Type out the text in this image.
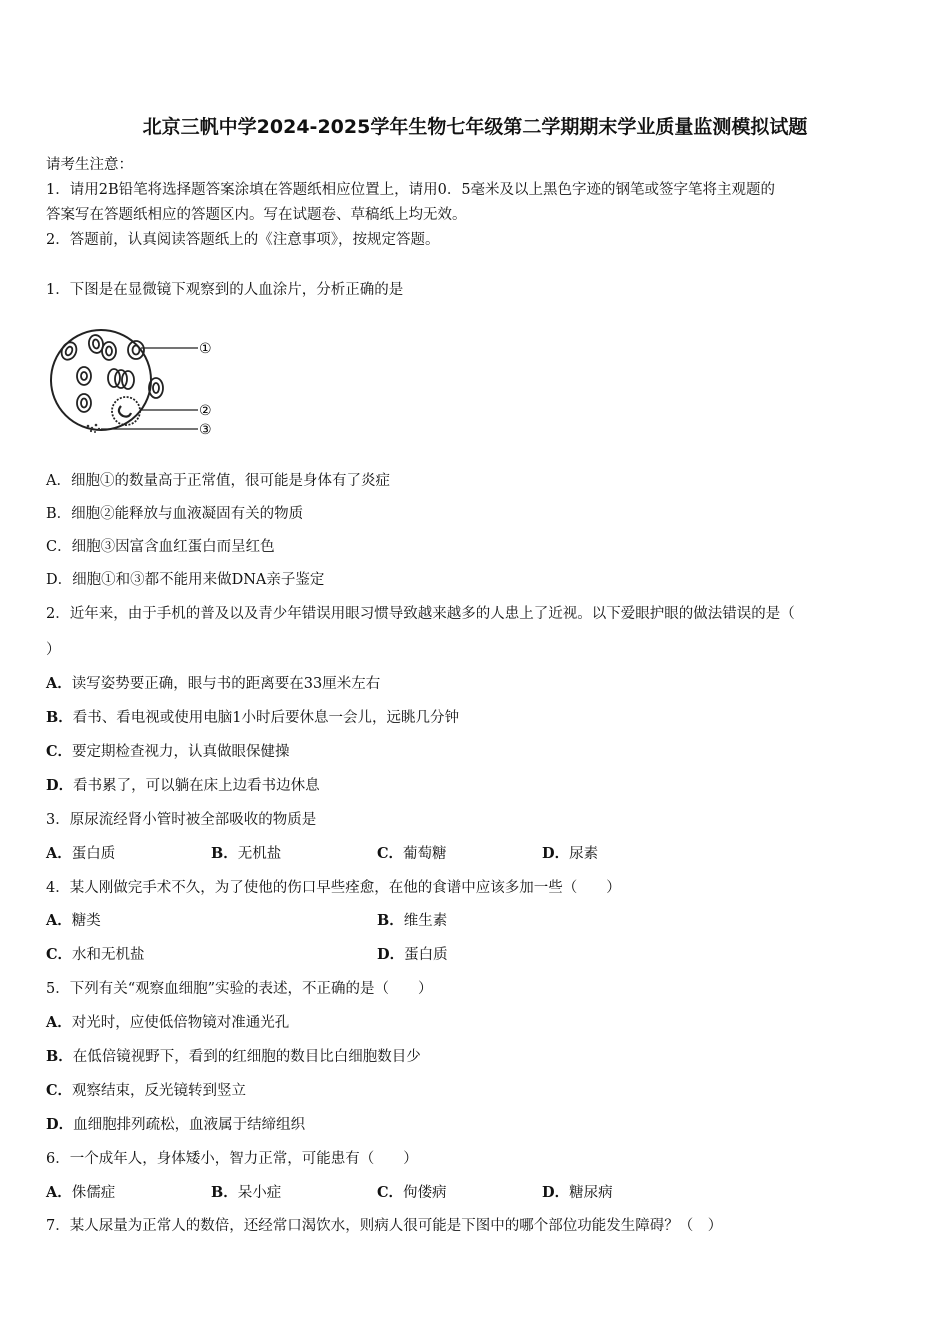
北京三帆中学2024-2025学年生物七年级第二学期期末学业质量监测模拟试题
请考生注意：
1．请用2B铅笔将选择题答案涂填在答题纸相应位置上，请用0．5毫米及以上黑色字迹的钢笔或签字笔将主观题的
答案写在答题纸相应的答题区内。写在试题卷、草稿纸上均无效。
2．答题前，认真阅读答题纸上的《注意事项》，按规定答题。
1．下图是在显微镜下观察到的人血涂片，分析正确的是
①
②
③
A．细胞①的数量高于正常值，很可能是身体有了炎症
B．细胞②能释放与血液凝固有关的物质
C．细胞③因富含血红蛋白而呈红色
D．细胞①和③都不能用来做DNA亲子鉴定
2．近年来，由于手机的普及以及青少年错误用眼习惯导致越来越多的人患上了近视。以下爱眼护眼的做法错误的是（
）
A．读写姿势要正确，眼与书的距离要在33厘米左右
B．看书、看电视或使用电脑1小时后要休息一会儿，远眺几分钟
C．要定期检查视力，认真做眼保健操
D．看书累了，可以躺在床上边看书边休息
3．原尿流经肾小管时被全部吸收的物质是
A．蛋白质	B．无机盐	C．葡萄糖	D．尿素
4．某人刚做完手术不久，为了使他的伤口早些痊愈，在他的食谱中应该多加一些（　　）
A．糖类	B．维生素
C．水和无机盐	D．蛋白质
5．下列有关“观察血细胞”实验的表述，不正确的是（　　）
A．对光时，应使低倍物镜对准通光孔
B．在低倍镜视野下，看到的红细胞的数目比白细胞数目少
C．观察结束，反光镜转到竖立
D．血细胞排列疏松，血液属于结缔组织
6．一个成年人，身体矮小，智力正常，可能患有（　　）
A．侏儒症	B．呆小症	C．佝偻病	D．糖尿病
7．某人尿量为正常人的数倍，还经常口渴饮水，则病人很可能是下图中的哪个部位功能发生障碍？（　）
